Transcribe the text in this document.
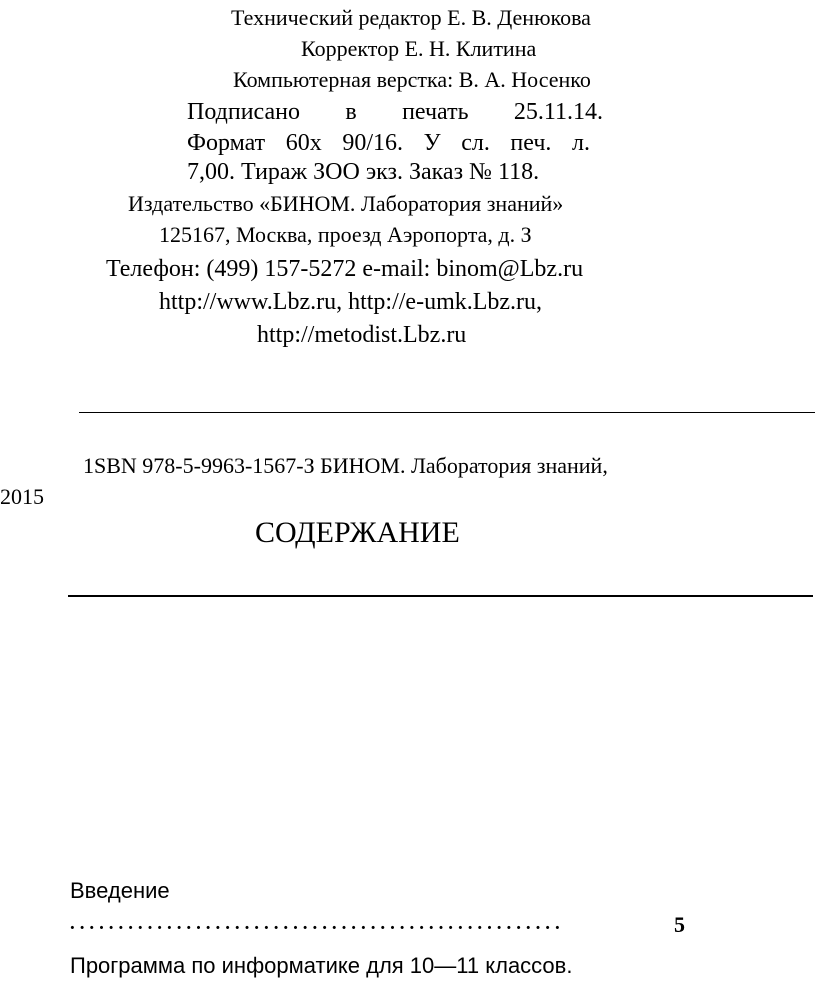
Технический редактор Е. В. Денюкова
Корректор Е. Н. Клитина
Компьютерная верстка: В. А. Носенко
Подписано в печать 25.11.14.
Формат 60х 90/16. У сл. печ. л.
7,00. Тираж ЗОО экз. Заказ № 118.
Издательство «БИНОМ. Лаборатория знаний»
125167, Москва, проезд Аэропорта, д. З
Телефон: (499) 157-5272 e-mail: binom@Lbz.ru
http://www.Lbz.ru, http://e-umk.Lbz.ru,
http://metodist.Lbz.ru
1SBN 978-5-9963-1567-З БИНОМ. Лаборатория знаний,
2015
СОДЕРЖАНИЕ
Введение
. . . . . . . . . . . . . . . . . . . . . . . . . . . . . . . . . . . . . . . . . . . . . . . . . . .	5
Программа по информатике для 10—11 классов.
